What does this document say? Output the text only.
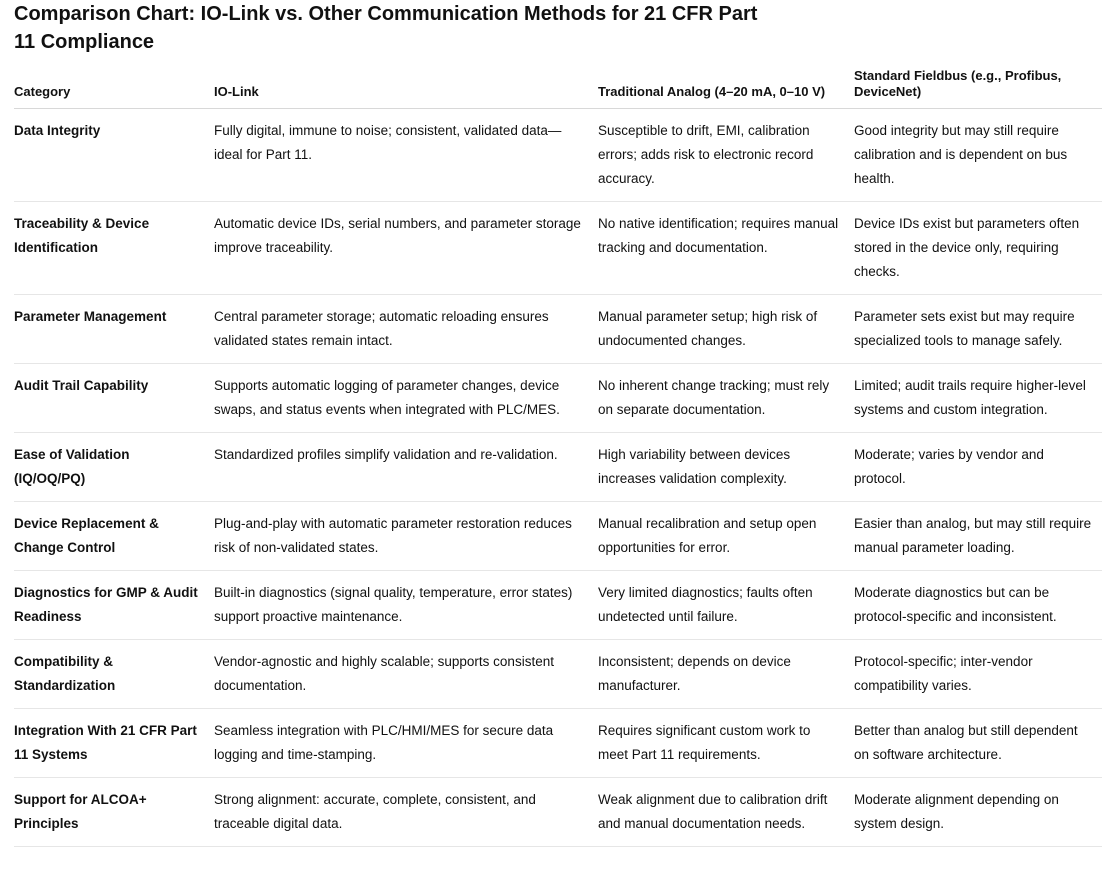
Comparison Chart: IO-Link vs. Other Communication Methods for 21 CFR Part 11 Compliance
Category	IO-Link	Traditional Analog (4–20 mA, 0–10 V)	Standard Fieldbus (e.g., Profibus, DeviceNet)
Data Integrity	Fully digital, immune to noise; consistent, validated data—ideal for Part 11.	Susceptible to drift, EMI, calibration errors; adds risk to electronic record accuracy.	Good integrity but may still require calibration and is dependent on bus health.
Traceability & Device Identification	Automatic device IDs, serial numbers, and parameter storage improve traceability.	No native identification; requires manual tracking and documentation.	Device IDs exist but parameters often stored in the device only, requiring checks.
Parameter Management	Central parameter storage; automatic reloading ensures validated states remain intact.	Manual parameter setup; high risk of undocumented changes.	Parameter sets exist but may require specialized tools to manage safely.
Audit Trail Capability	Supports automatic logging of parameter changes, device swaps, and status events when integrated with PLC/MES.	No inherent change tracking; must rely on separate documentation.	Limited; audit trails require higher-level systems and custom integration.
Ease of Validation (IQ/OQ/PQ)	Standardized profiles simplify validation and re-validation.	High variability between devices increases validation complexity.	Moderate; varies by vendor and protocol.
Device Replacement & Change Control	Plug-and-play with automatic parameter restoration reduces risk of non-validated states.	Manual recalibration and setup open opportunities for error.	Easier than analog, but may still require manual parameter loading.
Diagnostics for GMP & Audit Readiness	Built-in diagnostics (signal quality, temperature, error states) support proactive maintenance.	Very limited diagnostics; faults often undetected until failure.	Moderate diagnostics but can be protocol-specific and inconsistent.
Compatibility & Standardization	Vendor-agnostic and highly scalable; supports consistent documentation.	Inconsistent; depends on device manufacturer.	Protocol-specific; inter-vendor compatibility varies.
Integration With 21 CFR Part 11 Systems	Seamless integration with PLC/HMI/MES for secure data logging and time-stamping.	Requires significant custom work to meet Part 11 requirements.	Better than analog but still dependent on software architecture.
Support for ALCOA+ Principles	Strong alignment: accurate, complete, consistent, and traceable digital data.	Weak alignment due to calibration drift and manual documentation needs.	Moderate alignment depending on system design.
